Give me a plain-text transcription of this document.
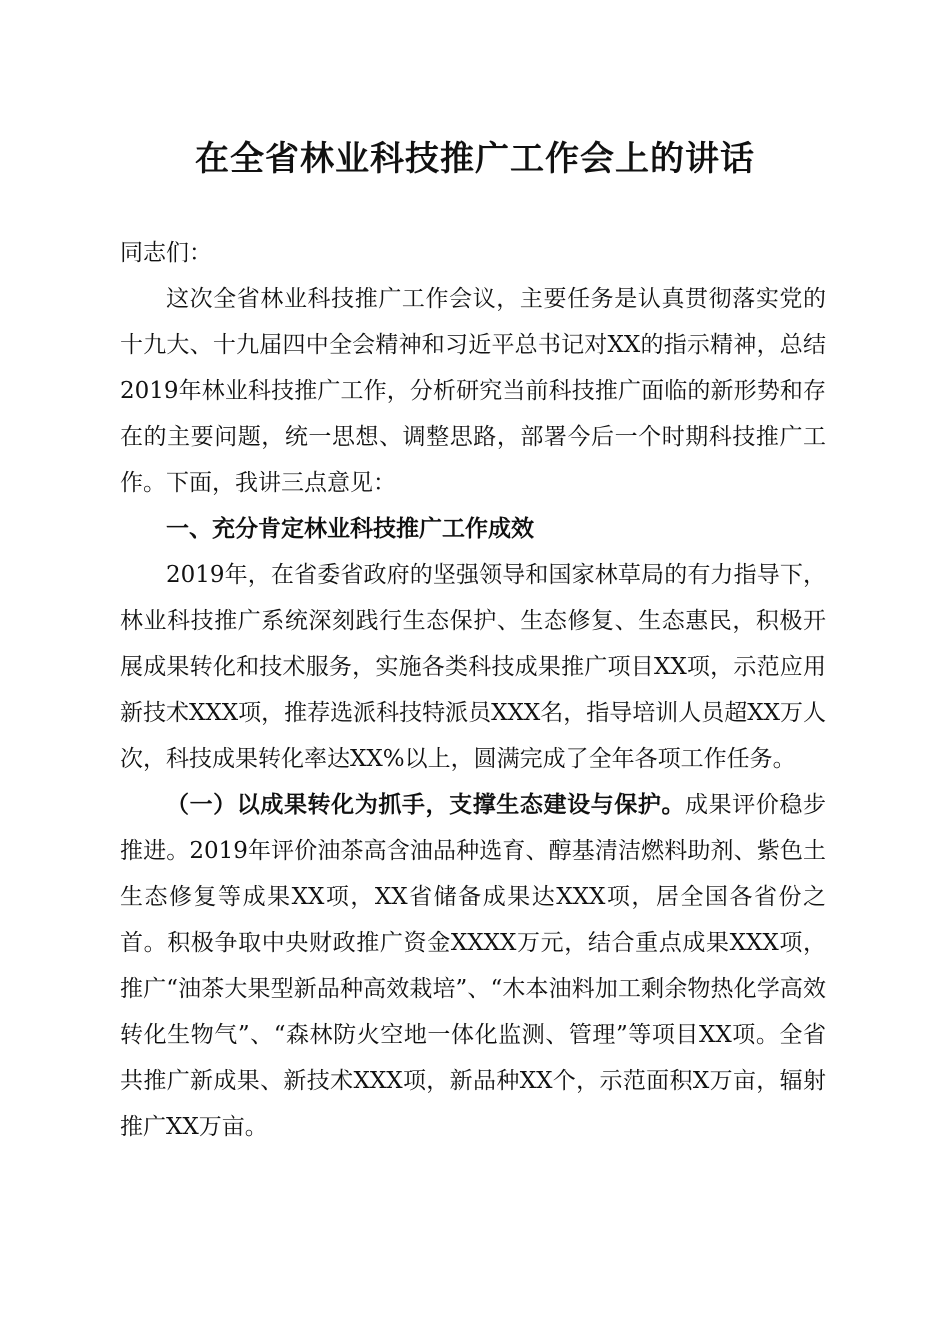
在全省林业科技推广工作会上的讲话

同志们：

这次全省林业科技推广工作会议，主要任务是认真贯彻落实党的十九大、十九届四中全会精神和习近平总书记对XX的指示精神，总结2019年林业科技推广工作，分析研究当前科技推广面临的新形势和存在的主要问题，统一思想、调整思路，部署今后一个时期科技推广工作。下面，我讲三点意见：

一、充分肯定林业科技推广工作成效

2019年，在省委省政府的坚强领导和国家林草局的有力指导下，林业科技推广系统深刻践行生态保护、生态修复、生态惠民，积极开展成果转化和技术服务，实施各类科技成果推广项目XX项，示范应用新技术XXX项，推荐选派科技特派员XXX名，指导培训人员超XX万人次，科技成果转化率达XX%以上，圆满完成了全年各项工作任务。

（一）以成果转化为抓手，支撑生态建设与保护。成果评价稳步推进。2019年评价油茶高含油品种选育、醇基清洁燃料助剂、紫色土生态修复等成果XX项，XX省储备成果达XXX项，居全国各省份之首。积极争取中央财政推广资金XXXX万元，结合重点成果XXX项，推广“油茶大果型新品种高效栽培”、“木本油料加工剩余物热化学高效转化生物气”、“森林防火空地一体化监测、管理”等项目XX项。全省共推广新成果、新技术XXX项，新品种XX个，示范面积X万亩，辐射推广XX万亩。
